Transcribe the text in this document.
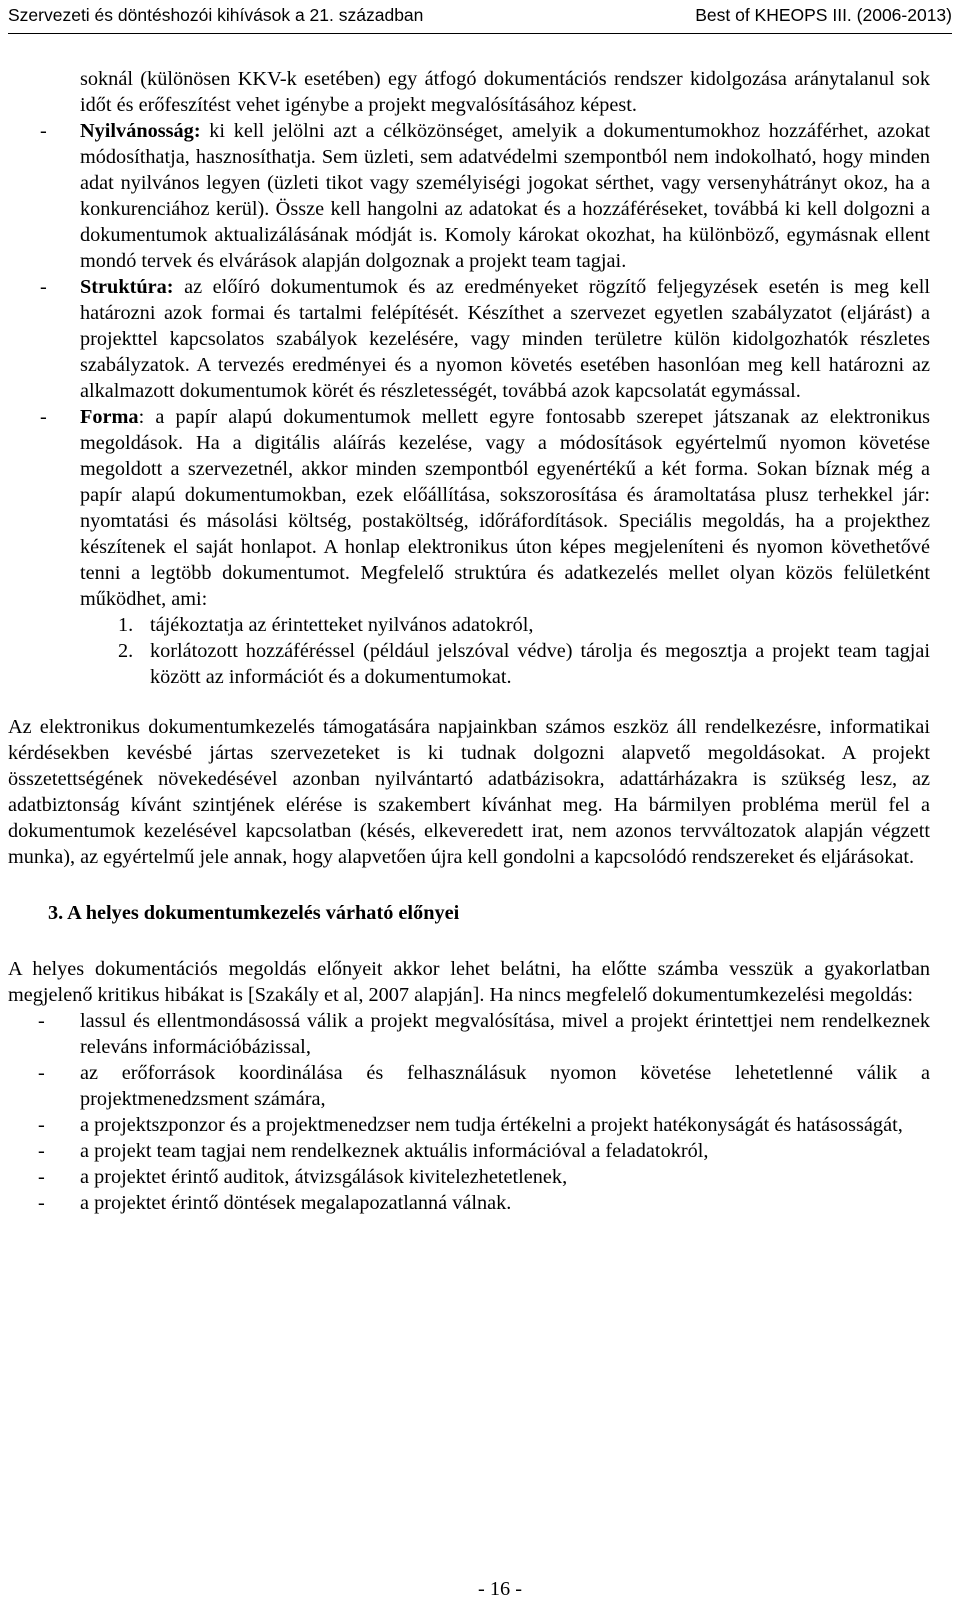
Szervezeti és döntéshozói kihívások a 21. században	Best of KHEOPS III. (2006-2013)
soknál (különösen KKV-k esetében) egy átfogó dokumentációs rendszer kidolgozása aránytalanul sok időt és erőfeszítést vehet igénybe a projekt megvalósításához képest.
- Nyilvánosság: ki kell jelölni azt a célközönséget, amelyik a dokumentumokhoz hozzáférhet, azokat módosíthatja, hasznosíthatja. Sem üzleti, sem adatvédelmi szempontból nem indokolható, hogy minden adat nyilvános legyen (üzleti tikot vagy személyiségi jogokat sérthet, vagy versenyhátrányt okoz, ha a konkurenciához kerül). Össze kell hangolni az adatokat és a hozzáféréseket, továbbá ki kell dolgozni a dokumentumok aktualizálásának módját is. Komoly károkat okozhat, ha különböző, egymásnak ellent mondó tervek és elvárások alapján dolgoznak a projekt team tagjai.
- Struktúra: az előíró dokumentumok és az eredményeket rögzítő feljegyzések esetén is meg kell határozni azok formai és tartalmi felépítését. Készíthet a szervezet egyetlen szabályzatot (eljárást) a projekttel kapcsolatos szabályok kezelésére, vagy minden területre külön kidolgozhatók részletes szabályzatok. A tervezés eredményei és a nyomon követés esetében hasonlóan meg kell határozni az alkalmazott dokumentumok körét és részletességét, továbbá azok kapcsolatát egymással.
- Forma: a papír alapú dokumentumok mellett egyre fontosabb szerepet játszanak az elektronikus megoldások. Ha a digitális aláírás kezelése, vagy a módosítások egyértelmű nyomon követése megoldott a szervezetnél, akkor minden szempontból egyenértékű a két forma. Sokan bíznak még a papír alapú dokumentumokban, ezek előállítása, sokszorosítása és áramoltatása plusz terhekkel jár: nyomtatási és másolási költség, postaköltség, időráfordítások. Speciális megoldás, ha a projekthez készítenek el saját honlapot. A honlap elektronikus úton képes megjeleníteni és nyomon követhetővé tenni a legtöbb dokumentumot. Megfelelő struktúra és adatkezelés mellet olyan közös felületként működhet, ami:
1. tájékoztatja az érintetteket nyilvános adatokról,
2. korlátozott hozzáféréssel (például jelszóval védve) tárolja és megosztja a projekt team tagjai között az információt és a dokumentumokat.
Az elektronikus dokumentumkezelés támogatására napjainkban számos eszköz áll rendelkezésre, informatikai kérdésekben kevésbé jártas szervezeteket is ki tudnak dolgozni alapvető megoldásokat. A projekt összetettségének növekedésével azonban nyilvántartó adatbázisokra, adattárházakra is szükség lesz, az adatbiztonság kívánt szintjének elérése is szakembert kívánhat meg. Ha bármilyen probléma merül fel a dokumentumok kezelésével kapcsolatban (késés, elkeveredett irat, nem azonos tervváltozatok alapján végzett munka), az egyértelmű jele annak, hogy alapvetően újra kell gondolni a kapcsolódó rendszereket és eljárásokat.
3. A helyes dokumentumkezelés várható előnyei
A helyes dokumentációs megoldás előnyeit akkor lehet belátni, ha előtte számba vesszük a gyakorlatban megjelenő kritikus hibákat is [Szakály et al, 2007 alapján]. Ha nincs megfelelő dokumentumkezelési megoldás:
- lassul és ellentmondásossá válik a projekt megvalósítása, mivel a projekt érintettjei nem rendelkeznek releváns információbázissal,
- az erőforrások koordinálása és felhasználásuk nyomon követése lehetetlenné válik a projektmenedzsment számára,
- a projektszponzor és a projektmenedzser nem tudja értékelni a projekt hatékonyságát és hatásosságát,
- a projekt team tagjai nem rendelkeznek aktuális információval a feladatokról,
- a projektet érintő auditok, átvizsgálások kivitelezhetetlenek,
- a projektet érintő döntések megalapozatlanná válnak.
- 16 -
